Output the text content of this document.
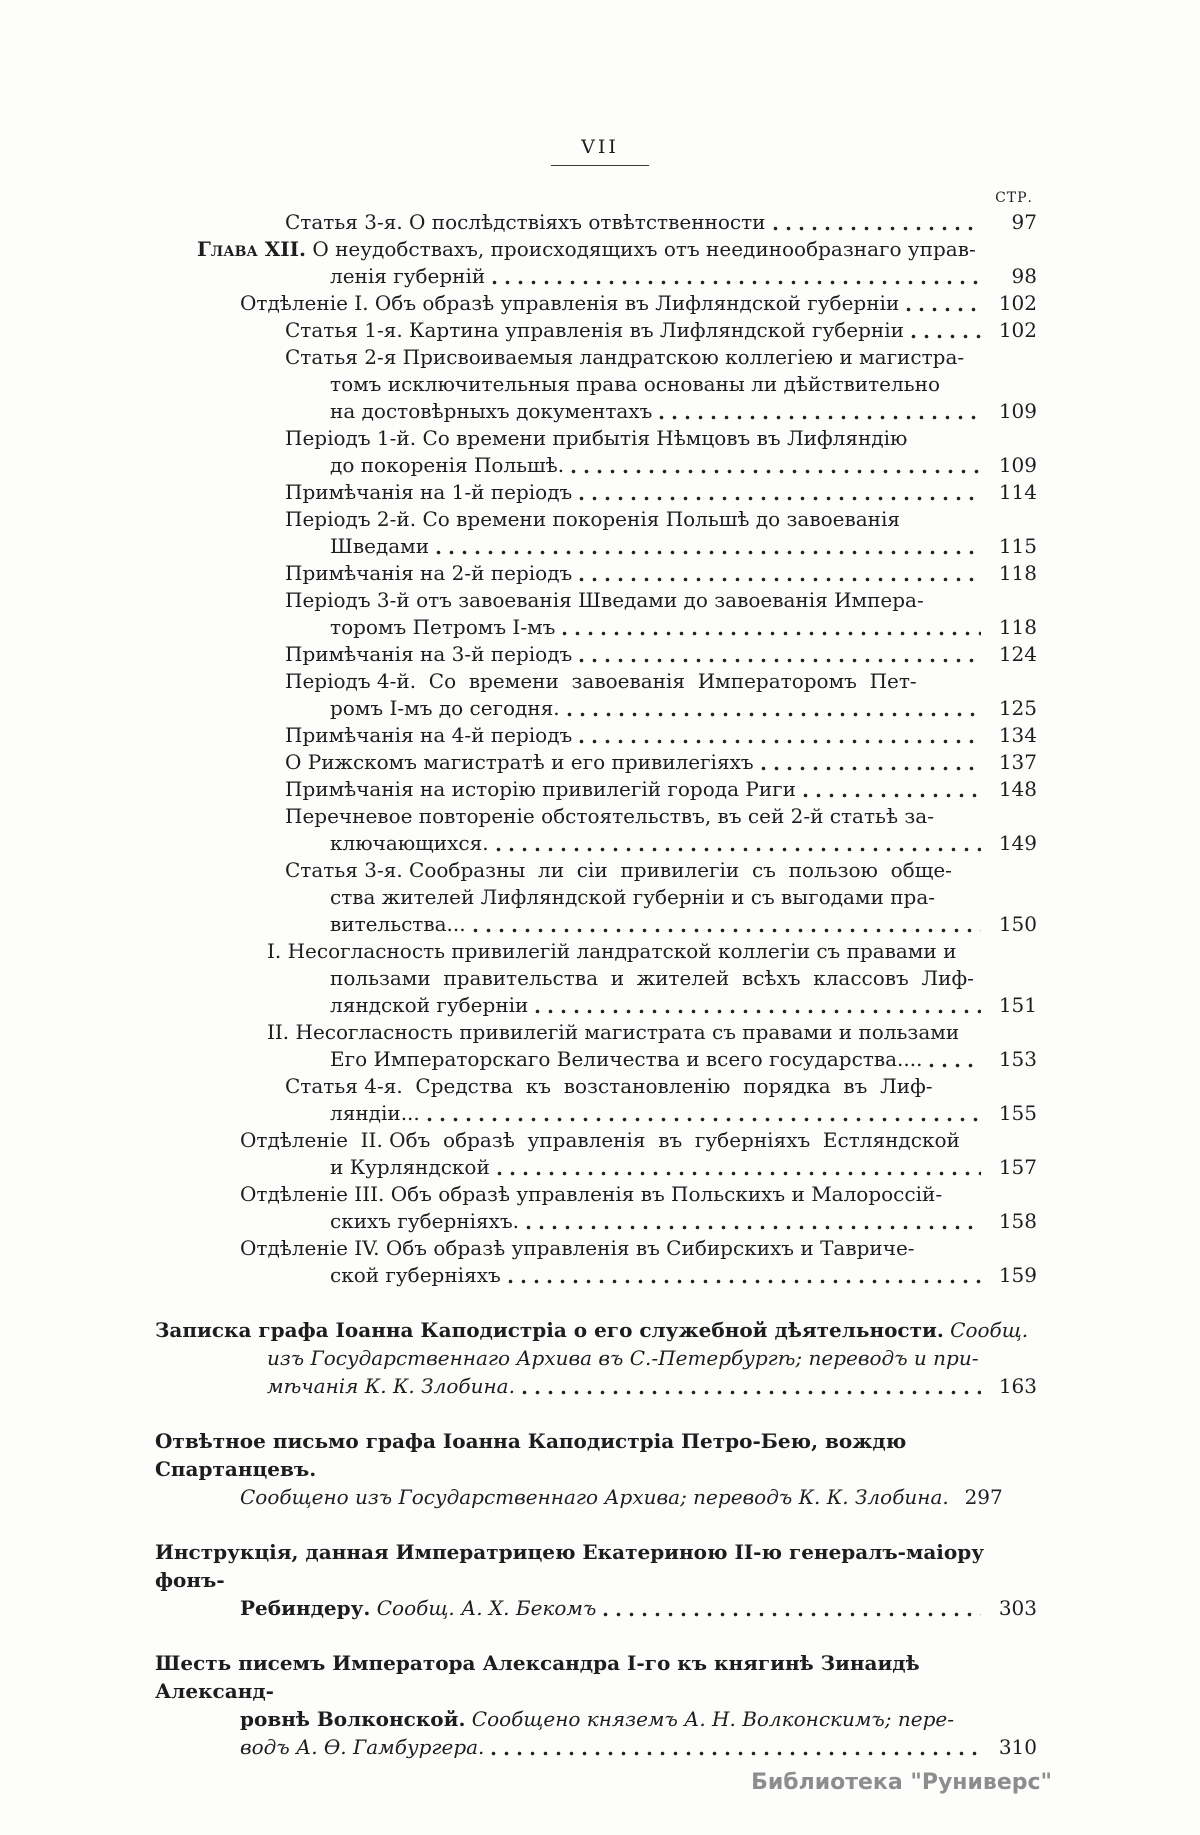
VII
СТР.
Статья 3-я. О послѣдствіяхъ отвѣтственности	97
Глава XII. О неудобствахъ, происходящихъ отъ неединообразнаго управ-
ленія губерній	98
Отдѣленіе I. Объ образѣ управленія въ Лифляндской губерніи	102
Статья 1-я. Картина управленія въ Лифляндской губерніи	102
Статья 2-я Присвоиваемыя ландратскою коллегіею и магистра-
томъ исключительныя права основаны ли дѣйствительно
на достовѣрныхъ документахъ	109
Періодъ 1-й. Со времени прибытія Нѣмцовъ въ Лифляндію
до покоренія Польшѣ.	109
Примѣчанія на 1-й періодъ	114
Періодъ 2-й. Со времени покоренія Польшѣ до завоеванія
Шведами	115
Примѣчанія на 2-й періодъ	118
Періодъ 3-й отъ завоеванія Шведами до завоеванія Импера-
торомъ Петромъ I-мъ	118
Примѣчанія на 3-й періодъ	124
Періодъ 4-й.  Со  времени  завоеванія  Императоромъ  Пет-
ромъ I-мъ до сегодня.	125
Примѣчанія на 4-й періодъ	134
О Рижскомъ магистратѣ и его привилегіяхъ	137
Примѣчанія на исторію привилегій города Риги	148
Перечневое повтореніе обстоятельствъ, въ сей 2-й статьѣ за-
ключающихся.	149
Статья 3-я. Сообразны  ли  сіи  привилегіи  съ  пользою  обще-
ства жителей Лифляндской губерніи и съ выгодами пра-
вительства...	150
I. Несогласность привилегій ландратской коллегіи съ правами и
пользами  правительства  и  жителей  всѣхъ  классовъ  Лиф-
ляндской губерніи	151
II. Несогласность привилегій магистрата съ правами и пользами
Его Императорскаго Величества и всего государства....	153
Статья 4-я.  Средства  къ  возстановленію  порядка  въ  Лиф-
ляндіи...	155
Отдѣленіе  II. Объ  образѣ  управленія  въ  губерніяхъ  Естляндской
и Курляндской	157
Отдѣленіе III. Объ образѣ управленія въ Польскихъ и Малороссій-
скихъ губерніяхъ.	158
Отдѣленіе IV. Объ образѣ управленія въ Сибирскихъ и Тавриче-
ской губерніяхъ	159
Записка графа Іоанна Каподистріа о его служебной дѣятельности. Сообщ.
изъ Государственнаго Архива въ С.-Петербургѣ; переводъ и при-
мѣчанія К. К. Злобина.	163
Отвѣтное письмо графа Іоанна Каподистріа Петро-Бею, вождю Спартанцевъ.
Сообщено изъ Государственнаго Архива; переводъ К. К. Злобина. 297
Инструкція, данная Императрицею Екатериною II-ю генералъ-маіору фонъ-
Ребиндеру. Сообщ. А. Х. Бекомъ	303
Шесть писемъ Императора Александра I-го къ княгинѣ Зинаидѣ Александ-
ровнѣ Волконской. Сообщено княземъ А. Н. Волконскимъ; пере-
водъ А. Ѳ. Гамбургера.	310
Библиотека "Руниверс"
